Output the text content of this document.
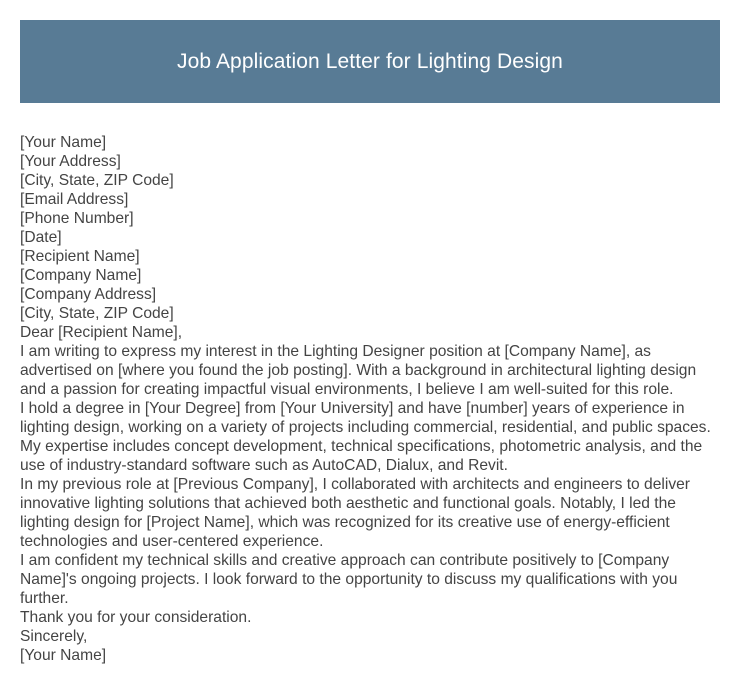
Job Application Letter for Lighting Design

[Your Name]

[Your Address]

[City, State, ZIP Code]

[Email Address]

[Phone Number]

[Date]

[Recipient Name]

[Company Name]

[Company Address]

[City, State, ZIP Code]

Dear [Recipient Name],

I am writing to express my interest in the Lighting Designer position at [Company Name], as advertised on [where you found the job posting]. With a background in architectural lighting design and a passion for creating impactful visual environments, I believe I am well-suited for this role.

I hold a degree in [Your Degree] from [Your University] and have [number] years of experience in lighting design, working on a variety of projects including commercial, residential, and public spaces. My expertise includes concept development, technical specifications, photometric analysis, and the use of industry-standard software such as AutoCAD, Dialux, and Revit.

In my previous role at [Previous Company], I collaborated with architects and engineers to deliver innovative lighting solutions that achieved both aesthetic and functional goals. Notably, I led the lighting design for [Project Name], which was recognized for its creative use of energy-efficient technologies and user-centered experience.

I am confident my technical skills and creative approach can contribute positively to [Company Name]'s ongoing projects. I look forward to the opportunity to discuss my qualifications with you further.

Thank you for your consideration.

Sincerely,

[Your Name]
